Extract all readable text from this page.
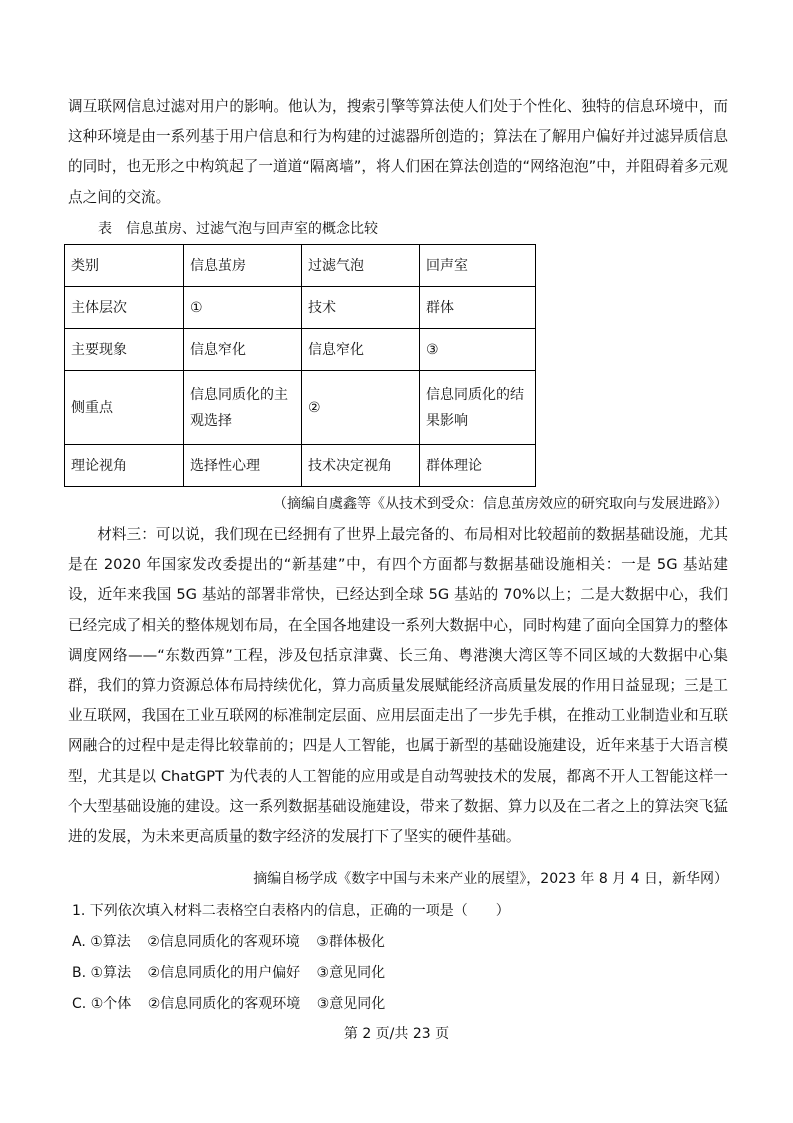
调互联网信息过滤对用户的影响。他认为，搜索引擎等算法使人们处于个性化、独特的信息环境中，而这种环境是由一系列基于用户信息和行为构建的过滤器所创造的；算法在了解用户偏好并过滤异质信息的同时，也无形之中构筑起了一道道“隔离墙”，将人们困在算法创造的“网络泡泡”中，并阻碍着多元观点之间的交流。

表　信息茧房、过滤气泡与回声室的概念比较
类别	信息茧房	过滤气泡	回声室
主体层次	①	技术	群体
主要现象	信息窄化	信息窄化	③
侧重点	信息同质化的主观选择	②	信息同质化的结果影响
理论视角	选择性心理	技术决定视角	群体理论
（摘编自虞鑫等《从技术到受众：信息茧房效应的研究取向与发展进路》）

材料三：可以说，我们现在已经拥有了世界上最完备的、布局相对比较超前的数据基础设施，尤其是在 2020 年国家发改委提出的“新基建”中，有四个方面都与数据基础设施相关：一是 5G 基站建设，近年来我国 5G 基站的部署非常快，已经达到全球 5G 基站的 70%以上；二是大数据中心，我们已经完成了相关的整体规划布局，在全国各地建设一系列大数据中心，同时构建了面向全国算力的整体调度网络——“东数西算”工程，涉及包括京津冀、长三角、粤港澳大湾区等不同区域的大数据中心集群，我们的算力资源总体布局持续优化，算力高质量发展赋能经济高质量发展的作用日益显现；三是工业互联网，我国在工业互联网的标准制定层面、应用层面走出了一步先手棋，在推动工业制造业和互联网融合的过程中是走得比较靠前的；四是人工智能，也属于新型的基础设施建设，近年来基于大语言模型，尤其是以 ChatGPT 为代表的人工智能的应用或是自动驾驶技术的发展，都离不开人工智能这样一个大型基础设施的建设。这一系列数据基础设施建设，带来了数据、算力以及在二者之上的算法突飞猛进的发展，为未来更高质量的数字经济的发展打下了坚实的硬件基础。

摘编自杨学成《数字中国与未来产业的展望》，2023 年 8 月 4 日，新华网）
1. 下列依次填入材料二表格空白表格内的信息，正确的一项是（　　）
A. ①算法 ②信息同质化的客观环境 ③群体极化
B. ①算法 ②信息同质化的用户偏好 ③意见同化
C. ①个体 ②信息同质化的客观环境 ③意见同化
第 2 页/共 23 页
